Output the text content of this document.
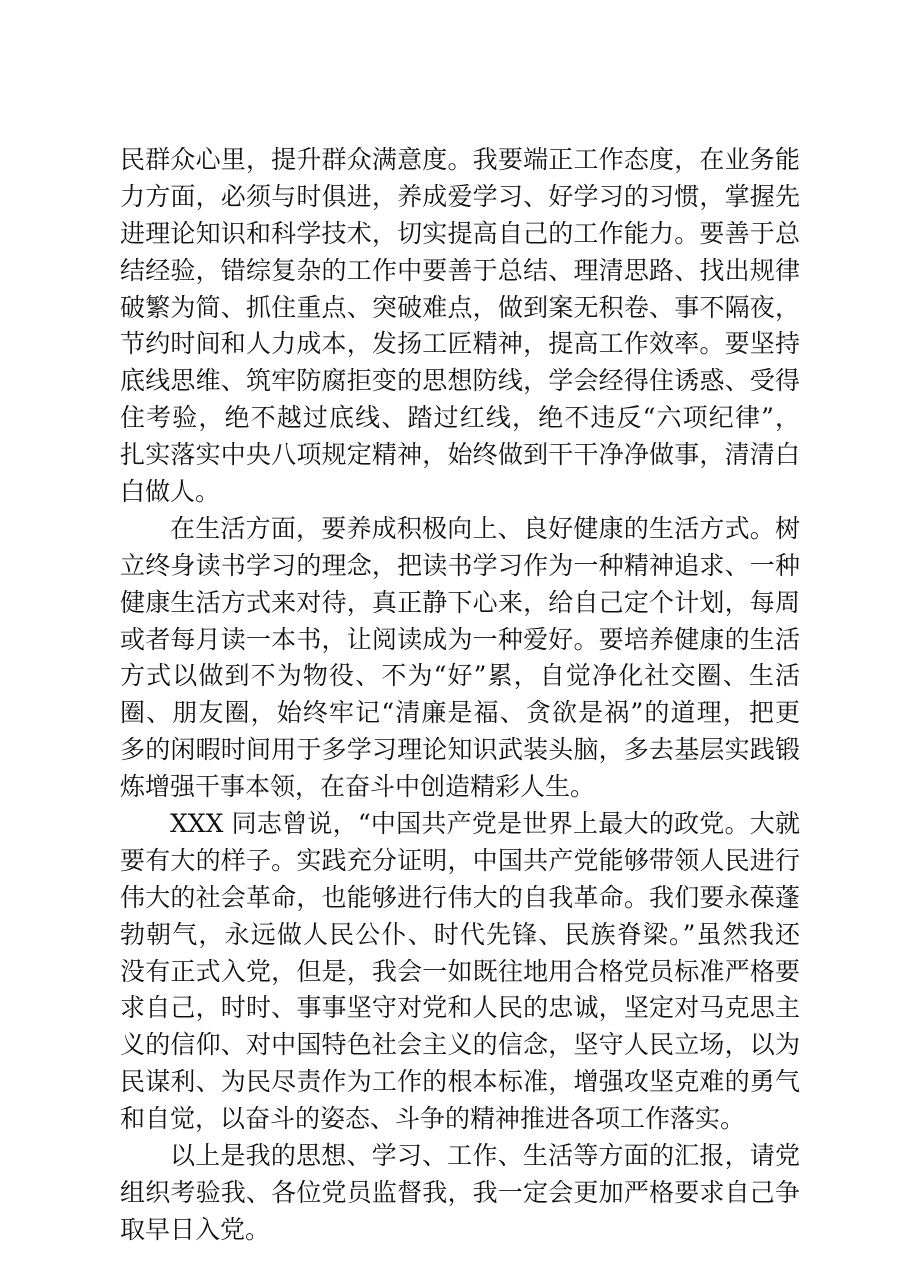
民群众心里，提升群众满意度。我要端正工作态度，在业务能
力方面，必须与时俱进，养成爱学习、好学习的习惯，掌握先
进理论知识和科学技术，切实提高自己的工作能力。要善于总
结经验，错综复杂的工作中要善于总结、理清思路、找出规律
破繁为简、抓住重点、突破难点，做到案无积卷、事不隔夜，
节约时间和人力成本，发扬工匠精神，提高工作效率。要坚持
底线思维、筑牢防腐拒变的思想防线，学会经得住诱惑、受得
住考验，绝不越过底线、踏过红线，绝不违反“六项纪律”，
扎实落实中央八项规定精神，始终做到干干净净做事，清清白
白做人。
在生活方面，要养成积极向上、良好健康的生活方式。树
立终身读书学习的理念，把读书学习作为一种精神追求、一种
健康生活方式来对待，真正静下心来，给自己定个计划，每周
或者每月读一本书，让阅读成为一种爱好。要培养健康的生活
方式以做到不为物役、不为“好”累，自觉净化社交圈、生活
圈、朋友圈，始终牢记“清廉是福、贪欲是祸”的道理，把更
多的闲暇时间用于多学习理论知识武装头脑，多去基层实践锻
炼增强干事本领，在奋斗中创造精彩人生。
XXX 同志曾说，“中国共产党是世界上最大的政党。大就
要有大的样子。实践充分证明，中国共产党能够带领人民进行
伟大的社会革命，也能够进行伟大的自我革命。我们要永葆蓬
勃朝气，永远做人民公仆、时代先锋、民族脊梁。”虽然我还
没有正式入党，但是，我会一如既往地用合格党员标准严格要
求自己，时时、事事坚守对党和人民的忠诚，坚定对马克思主
义的信仰、对中国特色社会主义的信念，坚守人民立场，以为
民谋利、为民尽责作为工作的根本标准，增强攻坚克难的勇气
和自觉，以奋斗的姿态、斗争的精神推进各项工作落实。
以上是我的思想、学习、工作、生活等方面的汇报，请党
组织考验我、各位党员监督我，我一定会更加严格要求自己争
取早日入党。
